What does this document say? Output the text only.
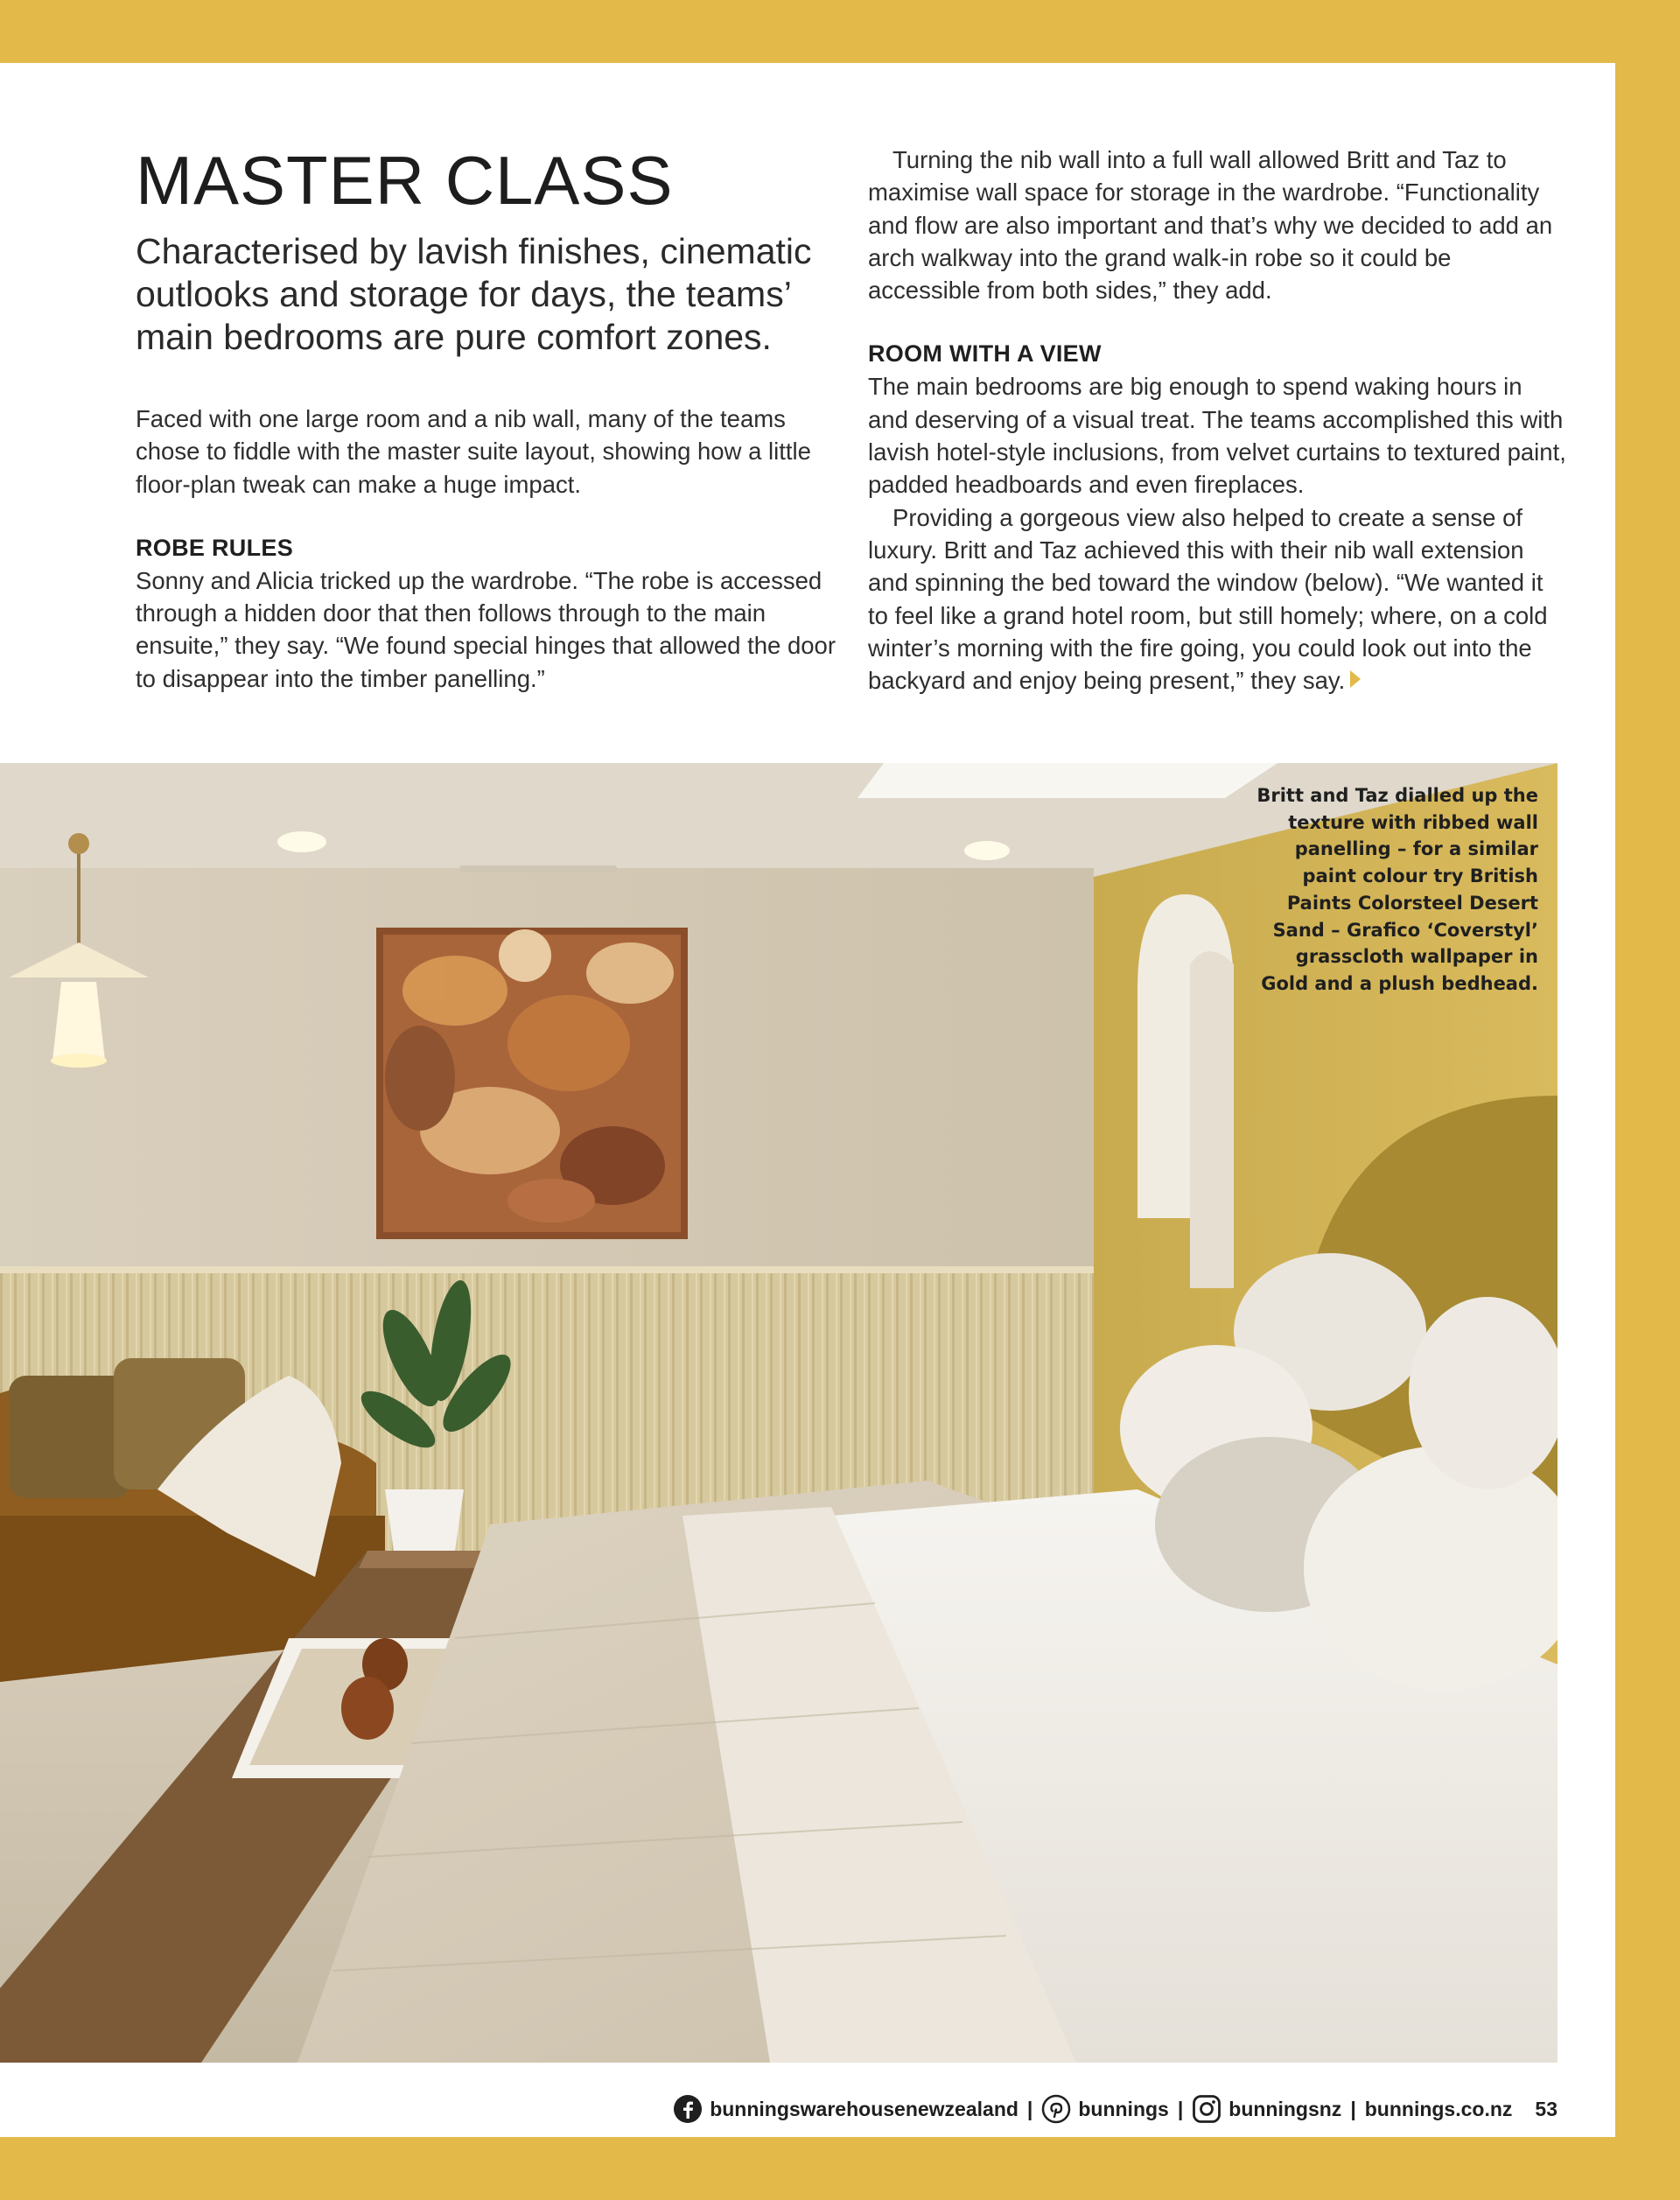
MASTER CLASS

Characterised by lavish finishes, cinematic outlooks and storage for days, the teams’ main bedrooms are pure comfort zones.

Faced with one large room and a nib wall, many of the teams chose to fiddle with the master suite layout, showing how a little floor-plan tweak can make a huge impact.

ROBE RULES

Sonny and Alicia tricked up the wardrobe. “The robe is accessed through a hidden door that then follows through to the main ensuite,” they say. “We found special hinges that allowed the door to disappear into the timber panelling.”

Turning the nib wall into a full wall allowed Britt and Taz to maximise wall space for storage in the wardrobe. “Functionality and flow are also important and that’s why we decided to add an arch walkway into the grand walk-in robe so it could be accessible from both sides,” they add.

ROOM WITH A VIEW

The main bedrooms are big enough to spend waking hours in and deserving of a visual treat. The teams accomplished this with lavish hotel-style inclusions, from velvet curtains to textured paint, padded headboards and even fireplaces.

Providing a gorgeous view also helped to create a sense of luxury. Britt and Taz achieved this with their nib wall extension and spinning the bed toward the window (below). “We wanted it to feel like a grand hotel room, but still homely; where, on a cold winter’s morning with the fire going, you could look out into the backyard and enjoy being present,” they say.

Britt and Taz dialled up the texture with ribbed wall panelling – for a similar paint colour try British Paints Colorsteel Desert Sand – Grafico ‘Coverstyl’ grasscloth wallpaper in Gold and a plush bedhead.
bunningswarehousenewzealand | bunnings | bunningsnz | bunnings.co.nz 53
